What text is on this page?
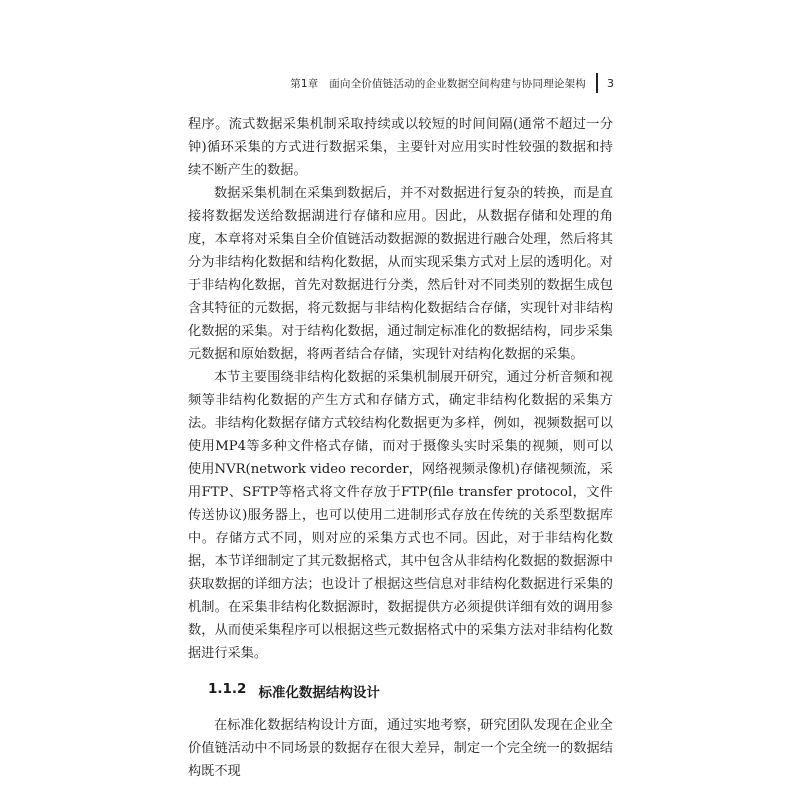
第1章　面向全价值链活动的企业数据空间构建与协同理论架构 3

程序。流式数据采集机制采取持续或以较短的时间间隔(通常不超过一分钟)循环采集的方式进行数据采集，主要针对应用实时性较强的数据和持续不断产生的数据。

数据采集机制在采集到数据后，并不对数据进行复杂的转换，而是直接将数据发送给数据湖进行存储和应用。因此，从数据存储和处理的角度，本章将对采集自全价值链活动数据源的数据进行融合处理，然后将其分为非结构化数据和结构化数据，从而实现采集方式对上层的透明化。对于非结构化数据，首先对数据进行分类，然后针对不同类别的数据生成包含其特征的元数据，将元数据与非结构化数据结合存储，实现针对非结构化数据的采集。对于结构化数据，通过制定标准化的数据结构，同步采集元数据和原始数据，将两者结合存储，实现针对结构化数据的采集。

本节主要围绕非结构化数据的采集机制展开研究，通过分析音频和视频等非结构化数据的产生方式和存储方式，确定非结构化数据的采集方法。非结构化数据存储方式较结构化数据更为多样，例如，视频数据可以使用MP4等多种文件格式存储，而对于摄像头实时采集的视频，则可以使用NVR(network video recorder，网络视频录像机)存储视频流，采用FTP、SFTP等格式将文件存放于FTP(file transfer protocol，文件传送协议)服务器上，也可以使用二进制形式存放在传统的关系型数据库中。存储方式不同，则对应的采集方式也不同。因此，对于非结构化数据，本节详细制定了其元数据格式，其中包含从非结构化数据的数据源中获取数据的详细方法；也设计了根据这些信息对非结构化数据进行采集的机制。在采集非结构化数据源时，数据提供方必须提供详细有效的调用参数，从而使采集程序可以根据这些元数据格式中的采集方法对非结构化数据进行采集。

1.1.2 标准化数据结构设计

在标准化数据结构设计方面，通过实地考察，研究团队发现在企业全价值链活动中不同场景的数据存在很大差异，制定一个完全统一的数据结构既不现
